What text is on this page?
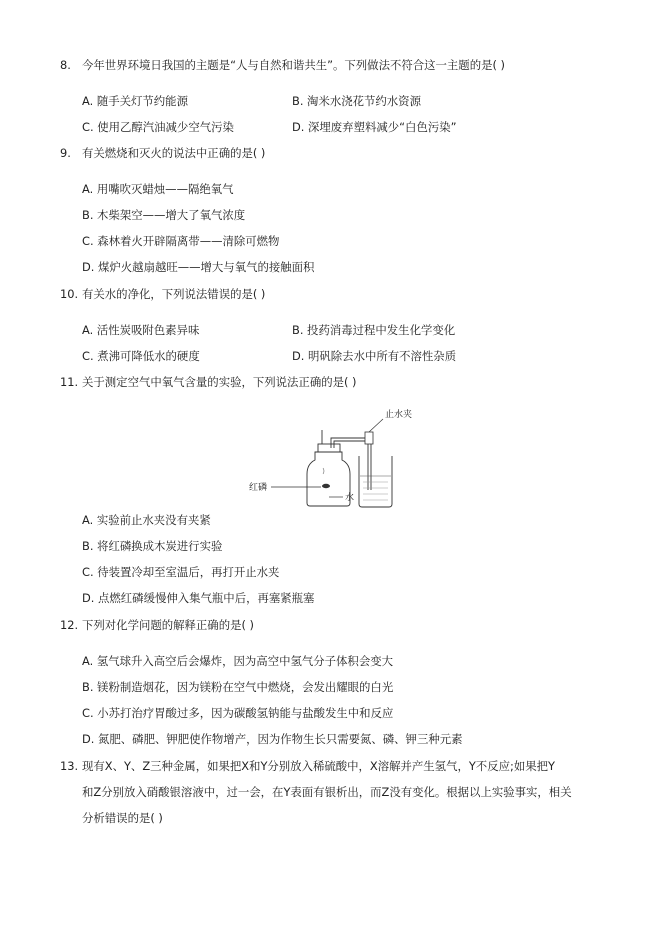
8. 今年世界环境日我国的主题是“人与自然和谐共生”。下列做法不符合这一主题的是( )
A. 随手关灯节约能源	B. 淘米水浇花节约水资源
C. 使用乙醇汽油减少空气污染	D. 深埋废弃塑料减少“白色污染”
9. 有关燃烧和灭火的说法中正确的是( )
A. 用嘴吹灭蜡烛——隔绝氧气
B. 木柴架空——增大了氧气浓度
C. 森林着火开辟隔离带——清除可燃物
D. 煤炉火越扇越旺——增大与氧气的接触面积
10. 有关水的净化，下列说法错误的是( )
A. 活性炭吸附色素异味	B. 投药消毒过程中发生化学变化
C. 煮沸可降低水的硬度	D. 明矾除去水中所有不溶性杂质
11. 关于测定空气中氧气含量的实验，下列说法正确的是( )
止水夹
红磷
水
A. 实验前止水夹没有夹紧
B. 将红磷换成木炭进行实验
C. 待装置冷却至室温后，再打开止水夹
D. 点燃红磷缓慢伸入集气瓶中后，再塞紧瓶塞
12. 下列对化学问题的解释正确的是( )
A. 氢气球升入高空后会爆炸，因为高空中氢气分子体积会变大
B. 镁粉制造烟花，因为镁粉在空气中燃烧，会发出耀眼的白光
C. 小苏打治疗胃酸过多，因为碳酸氢钠能与盐酸发生中和反应
D. 氮肥、磷肥、钾肥使作物增产，因为作物生长只需要氮、磷、钾三种元素
13. 现有X、Y、Z三种金属，如果把X和Y分别放入稀硫酸中，X溶解并产生氢气，Y不反应;如果把Y
和Z分别放入硝酸银溶液中，过一会，在Y表面有银析出，而Z没有变化。根据以上实验事实，相关
分析错误的是( )
